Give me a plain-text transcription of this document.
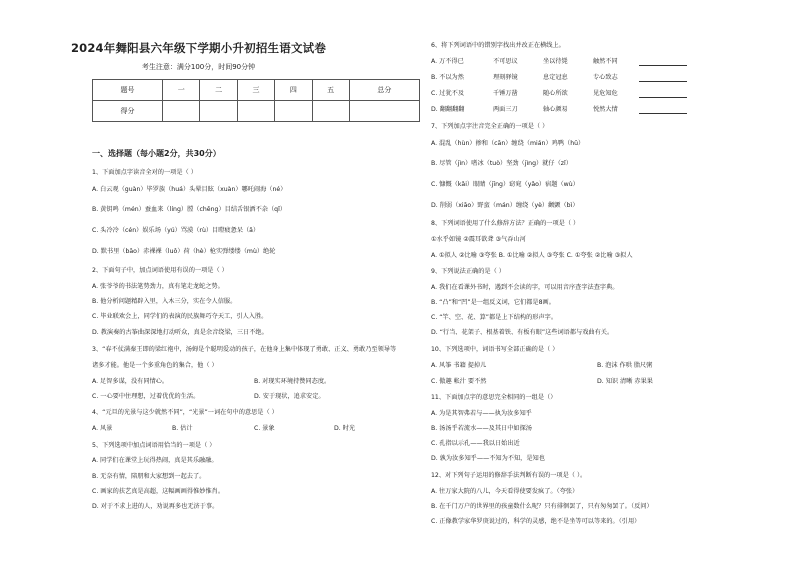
2024年舞阳县六年级下学期小升初招生语文试卷
考生注意：满分100分，时间90分钟
题号	一	二	三	四	五	总分
得分						
一、选择题（每小题2分，共30分）
1、下面加点字读音全对的一项是（ ）
A. 白云观（guàn）毕罗族（huá）头晕目眩（xuàn）哪吒闹海（né）
B. 黄钥鸣（mén）蚕血来（líng）膛（chēng）目结舌银洒不杂（qǐ）
C. 头冷冷（cén）娱乐场（yú）骂漠（rù）目瞪疲惫呆（ǎ）
D. 默书里（bāo）赤裸裸（luǒ）荷（hè）枪实弹缕缕（mù）绝轮
2、下面句子中，加点词语使用有误的一项是（ ）
A. 张爷爷的书法笔势劲力，真有笔走龙蛇之势。
B. 他分析问题精辟入里，入木三分，实在令人信服。
C. 毕业联欢会上，同学们的表演的民族舞巧夺天工，引人入胜。
D. 教演奏的古筝曲深深地打动听众，真是余音绕梁，三日不绝。
3、“春不仗满秦王即的梁红袍中，汤姆是个聪明爱动的孩子，在他身上集中体现了勇敢、正义、勇敢乃至领导等
诸多才能。他是一个多重角色的集合，他（ ）
A. 足智多谋，没有同情心。	B. 对现实环境持赞同态度。
C. 一心要中住理想，过着优优的生活。	D. 安于现状，追求安定。
4、“元旦的光景与这少就然不同”，“光景”一词在句中的意思是（ ）
A. 风景	B. 估计	C. 景象	D. 时光
5、下列选项中加点词语用恰当的一项是（ ）
A. 同学们在课堂上玩得热闹，真是其乐融融。
B. 无奈有情，陪朋和大家想到一起去了。
C. 画家的扶艺真是高超，这幅画画得惟妙惟肖。
D. 对于不求上进的人，劝说再多也无济于事。
6、将下列词语中的错别字找出并改正在横线上。
A. 万不得已	不可思议	坐以待毙	触然不同
B. 不以为然	理刻驿镜	息定冠息	专心致志
C. 过犹不及	千锤万凿	随心所欲	见危知危
D. 翻翻翻翻	两面三刀	轴心颜易	悦然大情
7、下列加点字注音完全正确的一项是（ ）
A. 混乱（hùn）掺和（cān）缠绕（mián）鸡鸭（hū）
B. 尽管（jìn）嗜冰（tuò）坚劲（jìng）就仔（zǐ）
C. 慷慨（kǎi）眼睛（jīng）窈窕（yǎo）宿题（wù）
D. 削弱（xiāo）野蛮（mán）缠绕（yè）颧颤（bì）
8、下列词语使用了什么修辞方法？正确的一项是（ ）
①水乎如镜 ②震耳欲聋 ③气吞山河
A. ①拟人 ②比喻 ③夸张 B. ①比喻 ②拟人 ③夸张 C. ①夸张 ②比喻 ③拟人
9、下列说法正确的是（ ）
A. 我们在看课外书时，遇到不会读的字，可以用音序查字法查字典。
B. “凸”和“凹”是一组反义词，它们都是8画。
C. “竿、空、花、算”都是上下结构的形声字。
D. “行当、花架子、根基着铁、有板有眼”这些词语都与戏曲有关。
10、下列选项中，词语书写全部正确的是（ ）
A. 风筝 书籍 提掉儿	B. 泡沫 作哄 脂尺粥
C. 傲趣 帐汁 要不然	D. 知识 清晰 赤果果
11、下面加点字的意思完全相同的一组是（）
A. 为是其智弗若与——执为汝多知乎
B. 汤汤乎若流水——及其日中如探汤
C. 孔指以示孔——我以日始出近
D. 孰为汝多知乎——不知为不知，是知也
12、对下列句子运用的修辞手法判断有误的一项是（ ）。
A. 往万家大院的八儿，今天看得使要发疯了。（夸张）
B. 在千门万户的世界里的孩童数什么呢？只有徘徊罢了，只有匆匆罢了。（反问）
C. 正像教学家华罗庚说过的，科学的灵感，绝不是坐等可以等来的。（引用）
